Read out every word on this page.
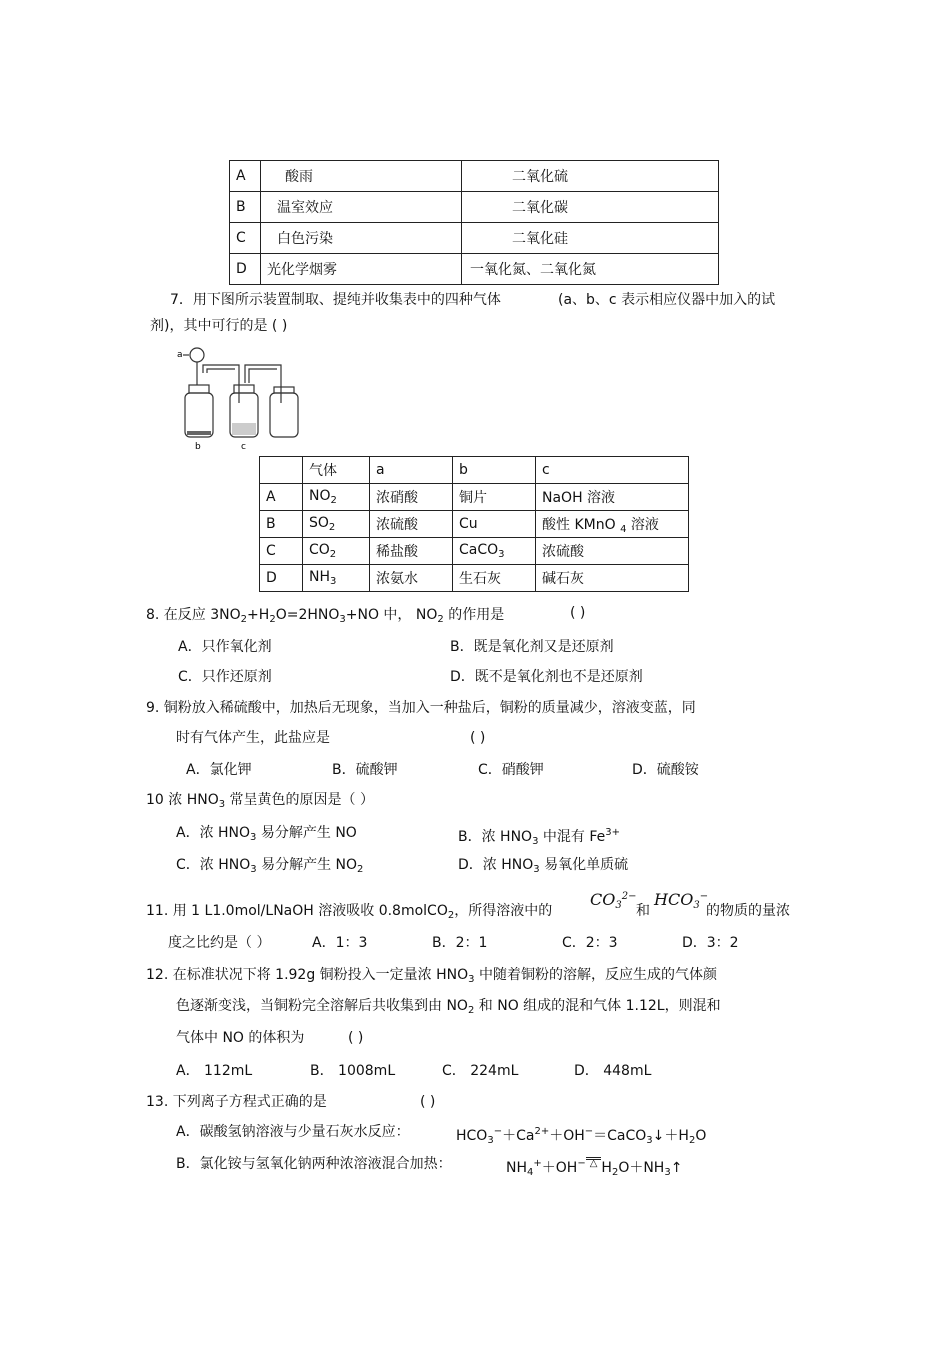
A	酸雨	二氧化硫
B	温室效应	二氧化碳
C	白色污染	二氧化硅
D	光化学烟雾	一氧化氮、二氧化氮
7．用下图所示装置制取、提纯并收集表中的四种气体	(a、b、c 表示相应仪器中加入的试
剂)，其中可行的是 ( )
a
b	c
	气体	a	b	c
A	$NO_2$	浓硝酸	铜片	NaOH 溶液
B	$SO_2$	浓硫酸	Cu	酸性 KMnO $_4$ 溶液
C	$CO_2$	稀盐酸	CaCO$_3$	浓硫酸
D	$NH_3$	浓氨水	生石灰	碱石灰
8. 在反应 $3NO_2+H_2O=2HNO_3+NO$ 中， $NO_2$ 的作用是	( )
A．只作氧化剂	B．既是氧化剂又是还原剂
C．只作还原剂	D．既不是氧化剂也不是还原剂
9. 铜粉放入稀硫酸中，加热后无现象，当加入一种盐后，铜粉的质量减少，溶液变蓝，同
时有气体产生，此盐应是	( )
A．氯化钾	B．硫酸钾	C．硝酸钾	D．硫酸铵
10 浓 $HNO_3$ 常呈黄色的原因是（ ）
A．浓 $HNO_3$ 易分解产生 NO	B．浓 $HNO_3$ 中混有 $Fe^{3+}$
C．浓 $HNO_3$ 易分解产生 $NO_2$	D．浓 $HNO_3$ 易氧化单质硫
11. 用 1 L1.0mol/LNaOH 溶液吸收 0.8molCO$_2$，所得溶液中的
$CO_3^{2-}$
和
$HCO_3^-$
的物质的量浓
度之比约是（ ）	A．1：3	B．2：1	C．2：3	D．3：2
12. 在标准状况下将 1.92g 铜粉投入一定量浓 $HNO_3$ 中随着铜粉的溶解，反应生成的气体颜
色逐渐变浅，当铜粉完全溶解后共收集到由 $NO_2$ 和 NO 组成的混和气体 1.12L，则混和
气体中 NO 的体积为	( )
A． 112mL	B． 1008mL	C． 224mL	D． 448mL
13. 下列离子方程式正确的是	( )
A．碳酸氢钠溶液与少量石灰水反应：	$HCO_3^-+Ca^{2+}+OH^-=CaCO_3↓+H_2O$
B．氯化铵与氢氧化钠两种浓溶液混合加热：	$NH_4^++OH^-$ △ $H_2O+NH_3↑$
